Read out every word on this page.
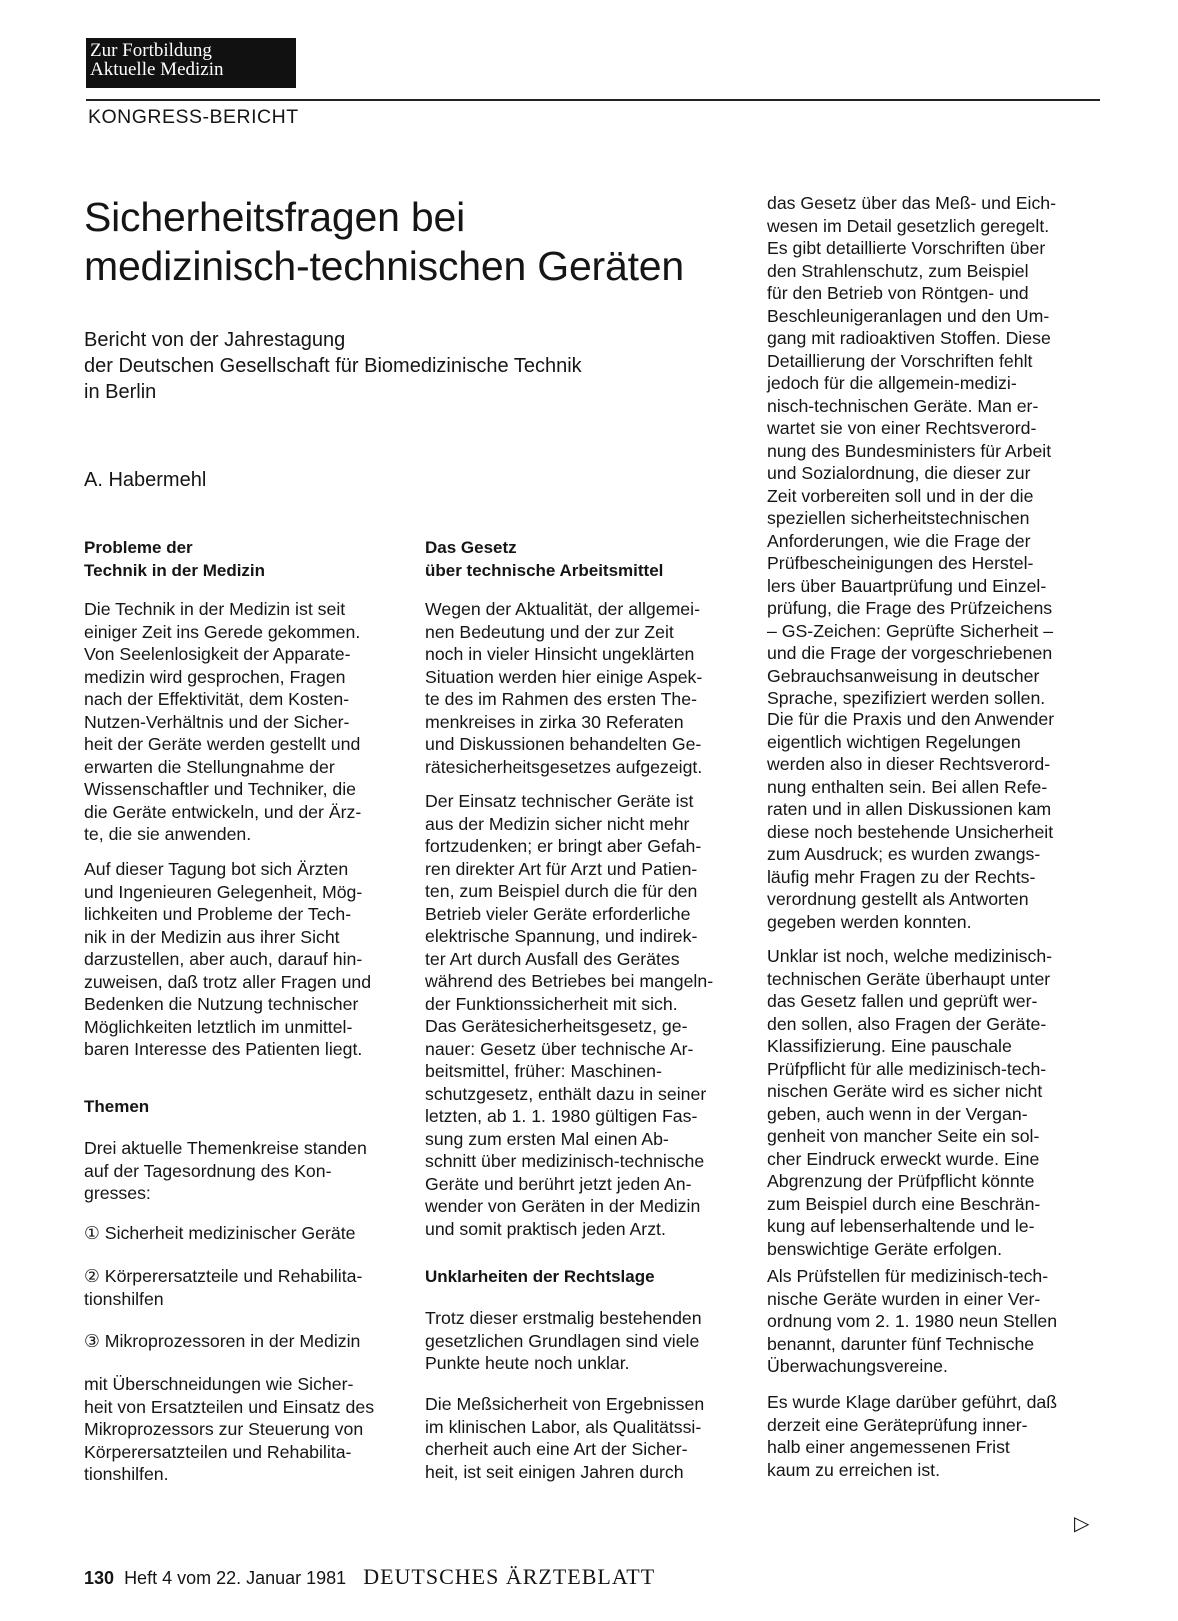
Zur Fortbildung
Aktuelle Medizin
KONGRESS-BERICHT
Sicherheitsfragen bei
medizinisch-technischen Geräten
Bericht von der Jahrestagung
der Deutschen Gesellschaft für Biomedizinische Technik
in Berlin
A. Habermehl
Probleme der
Technik in der Medizin
Die Technik in der Medizin ist seit
einiger Zeit ins Gerede gekommen.
Von Seelenlosigkeit der Apparate-
medizin wird gesprochen, Fragen
nach der Effektivität, dem Kosten-
Nutzen-Verhältnis und der Sicher-
heit der Geräte werden gestellt und
erwarten die Stellungnahme der
Wissenschaftler und Techniker, die
die Geräte entwickeln, und der Ärz-
te, die sie anwenden.
Auf dieser Tagung bot sich Ärzten
und Ingenieuren Gelegenheit, Mög-
lichkeiten und Probleme der Tech-
nik in der Medizin aus ihrer Sicht
darzustellen, aber auch, darauf hin-
zuweisen, daß trotz aller Fragen und
Bedenken die Nutzung technischer
Möglichkeiten letztlich im unmittel-
baren Interesse des Patienten liegt.
Themen
Drei aktuelle Themenkreise standen
auf der Tagesordnung des Kon-
gresses:
① Sicherheit medizinischer Geräte
② Körperersatzteile und Rehabilita-
tionshilfen
③ Mikroprozessoren in der Medizin
mit Überschneidungen wie Sicher-
heit von Ersatzteilen und Einsatz des
Mikroprozessors zur Steuerung von
Körperersatzteilen und Rehabilita-
tionshilfen.
Das Gesetz
über technische Arbeitsmittel
Wegen der Aktualität, der allgemei-
nen Bedeutung und der zur Zeit
noch in vieler Hinsicht ungeklärten
Situation werden hier einige Aspek-
te des im Rahmen des ersten The-
menkreises in zirka 30 Referaten
und Diskussionen behandelten Ge-
rätesicherheitsgesetzes aufgezeigt.
Der Einsatz technischer Geräte ist
aus der Medizin sicher nicht mehr
fortzudenken; er bringt aber Gefah-
ren direkter Art für Arzt und Patien-
ten, zum Beispiel durch die für den
Betrieb vieler Geräte erforderliche
elektrische Spannung, und indirek-
ter Art durch Ausfall des Gerätes
während des Betriebes bei mangeln-
der Funktionssicherheit mit sich.
Das Gerätesicherheitsgesetz, ge-
nauer: Gesetz über technische Ar-
beitsmittel, früher: Maschinen-
schutzgesetz, enthält dazu in seiner
letzten, ab 1. 1. 1980 gültigen Fas-
sung zum ersten Mal einen Ab-
schnitt über medizinisch-technische
Geräte und berührt jetzt jeden An-
wender von Geräten in der Medizin
und somit praktisch jeden Arzt.
Unklarheiten der Rechtslage
Trotz dieser erstmalig bestehenden
gesetzlichen Grundlagen sind viele
Punkte heute noch unklar.
Die Meßsicherheit von Ergebnissen
im klinischen Labor, als Qualitätssi-
cherheit auch eine Art der Sicher-
heit, ist seit einigen Jahren durch
das Gesetz über das Meß- und Eich-
wesen im Detail gesetzlich geregelt.
Es gibt detaillierte Vorschriften über
den Strahlenschutz, zum Beispiel
für den Betrieb von Röntgen- und
Beschleunigeranlagen und den Um-
gang mit radioaktiven Stoffen. Diese
Detaillierung der Vorschriften fehlt
jedoch für die allgemein-medizi-
nisch-technischen Geräte. Man er-
wartet sie von einer Rechtsverord-
nung des Bundesministers für Arbeit
und Sozialordnung, die dieser zur
Zeit vorbereiten soll und in der die
speziellen sicherheitstechnischen
Anforderungen, wie die Frage der
Prüfbescheinigungen des Herstel-
lers über Bauartprüfung und Einzel-
prüfung, die Frage des Prüfzeichens
– GS-Zeichen: Geprüfte Sicherheit –
und die Frage der vorgeschriebenen
Gebrauchsanweisung in deutscher
Sprache, spezifiziert werden sollen.
Die für die Praxis und den Anwender
eigentlich wichtigen Regelungen
werden also in dieser Rechtsverord-
nung enthalten sein. Bei allen Refe-
raten und in allen Diskussionen kam
diese noch bestehende Unsicherheit
zum Ausdruck; es wurden zwangs-
läufig mehr Fragen zu der Rechts-
verordnung gestellt als Antworten
gegeben werden konnten.
Unklar ist noch, welche medizinisch-
technischen Geräte überhaupt unter
das Gesetz fallen und geprüft wer-
den sollen, also Fragen der Geräte-
Klassifizierung. Eine pauschale
Prüfpflicht für alle medizinisch-tech-
nischen Geräte wird es sicher nicht
geben, auch wenn in der Vergan-
genheit von mancher Seite ein sol-
cher Eindruck erweckt wurde. Eine
Abgrenzung der Prüfpflicht könnte
zum Beispiel durch eine Beschrän-
kung auf lebenserhaltende und le-
benswichtige Geräte erfolgen.
Als Prüfstellen für medizinisch-tech-
nische Geräte wurden in einer Ver-
ordnung vom 2. 1. 1980 neun Stellen
benannt, darunter fünf Technische
Überwachungsvereine.
Es wurde Klage darüber geführt, daß
derzeit eine Geräteprüfung inner-
halb einer angemessenen Frist
kaum zu erreichen ist.
▷
130 Heft 4 vom 22. Januar 1981 DEUTSCHES ÄRZTEBLATT
